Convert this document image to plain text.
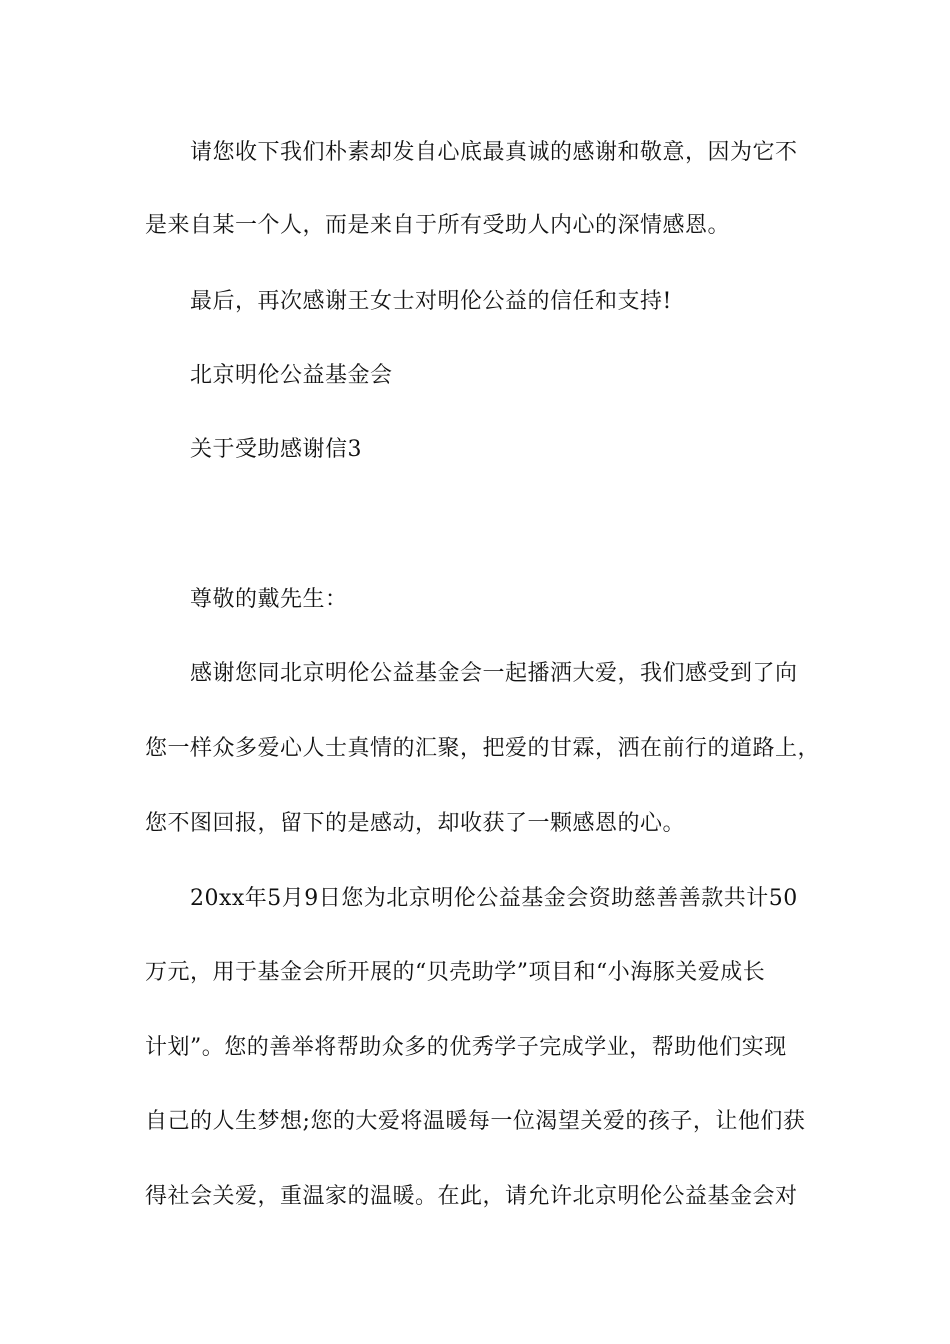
请您收下我们朴素却发自心底最真诚的感谢和敬意，因为它不
是来自某一个人，而是来自于所有受助人内心的深情感恩。
最后，再次感谢王女士对明伦公益的信任和支持!
北京明伦公益基金会
关于受助感谢信3
尊敬的戴先生：
感谢您同北京明伦公益基金会一起播洒大爱，我们感受到了向
您一样众多爱心人士真情的汇聚，把爱的甘霖，洒在前行的道路上，
您不图回报，留下的是感动，却收获了一颗感恩的心。
20xx年5月9日您为北京明伦公益基金会资助慈善善款共计50
万元，用于基金会所开展的“贝壳助学”项目和“小海豚关爱成长
计划”。您的善举将帮助众多的优秀学子完成学业，帮助他们实现
自己的人生梦想;您的大爱将温暖每一位渴望关爱的孩子，让他们获
得社会关爱，重温家的温暖。在此，请允许北京明伦公益基金会对
